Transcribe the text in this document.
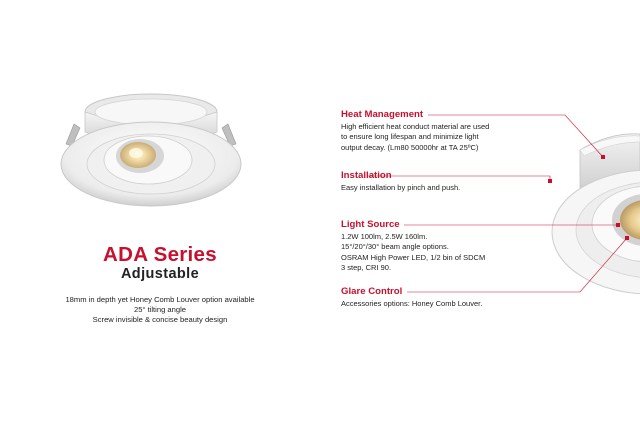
ADA Series
Adjustable
18mm in depth yet Honey Comb Louver option available
25° tilting angle
Screw invisible & concise beauty design
Heat Management
High efficient heat conduct material are used
to ensure long lifespan and minimize light
output decay. (Lm80 50000hr at TA 25ºC)
Installation
Easy installation by pinch and push.
Light Source
1.2W 100lm, 2.5W 160lm.
15°/20°/30° beam angle options.
OSRAM High Power LED, 1/2 bin of SDCM
3 step, CRI 90.
Glare Control
Accessories options: Honey Comb Louver.
